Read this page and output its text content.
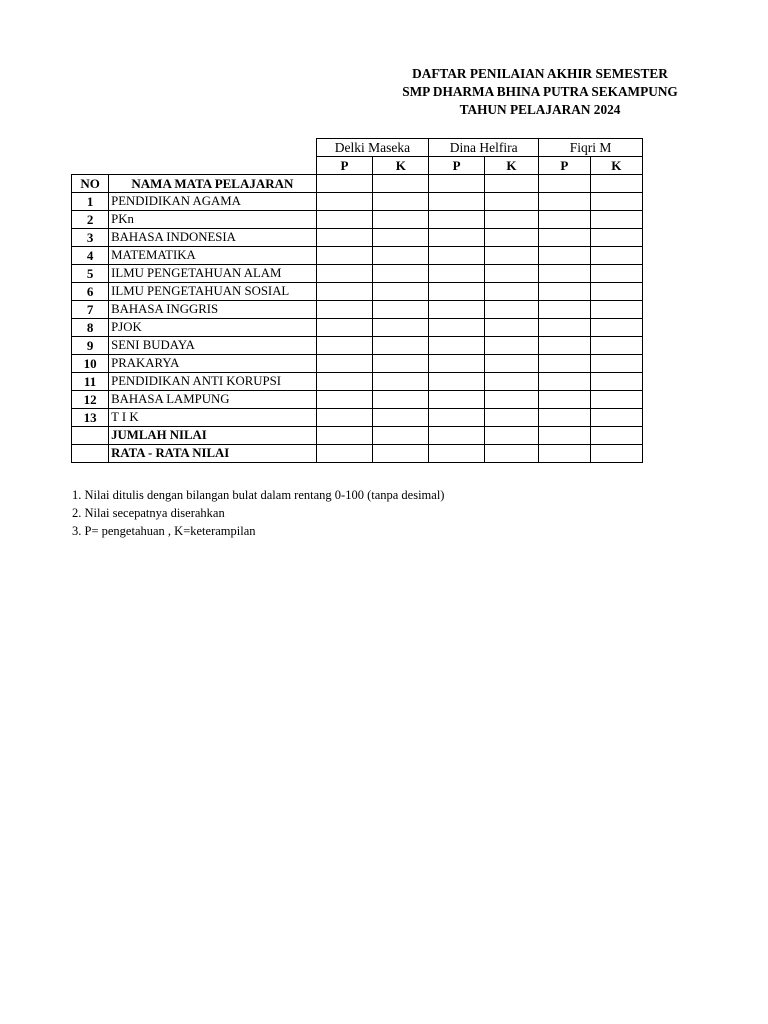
DAFTAR PENILAIAN AKHIR SEMESTER
SMP DHARMA BHINA PUTRA SEKAMPUNG
TAHUN PELAJARAN 2024
		Delki Maseka		Dina Helfira		Fiqri M	
		P	K	P	K	P	K
NO	NAMA MATA PELAJARAN						
1	PENDIDIKAN AGAMA						
2	PKn						
3	BAHASA INDONESIA						
4	MATEMATIKA						
5	ILMU PENGETAHUAN ALAM						
6	ILMU PENGETAHUAN SOSIAL						
7	BAHASA INGGRIS						
8	PJOK						
9	SENI BUDAYA						
10	PRAKARYA						
11	PENDIDIKAN ANTI KORUPSI						
12	BAHASA LAMPUNG						
13	T I K						
	JUMLAH NILAI						
	RATA - RATA NILAI						
1. Nilai ditulis dengan bilangan bulat dalam rentang 0-100 (tanpa desimal)
2. Nilai secepatnya diserahkan
3. P= pengetahuan , K=keterampilan
